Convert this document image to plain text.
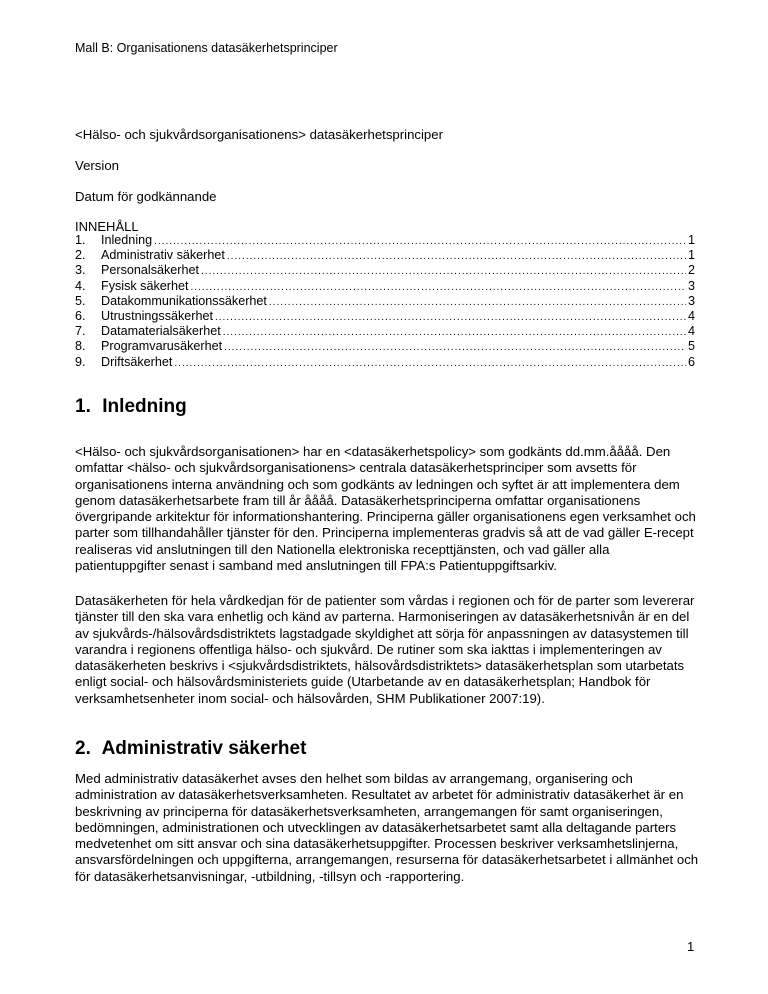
Mall B: Organisationens datasäkerhetsprinciper
<Hälso- och sjukvårdsorganisationens> datasäkerhetsprinciper
Version
Datum för godkännande
INNEHÅLL
1.	Inledning .....	1
2.	Administrativ säkerhet .....	1
3.	Personalsäkerhet .....	2
4.	Fysisk säkerhet .....	3
5.	Datakommunikationssäkerhet .....	3
6.	Utrustningssäkerhet .....	4
7.	Datamaterialsäkerhet .....	4
8.	Programvarusäkerhet .....	5
9.	Driftsäkerhet .....	6
1. Inledning

<Hälso- och sjukvårdsorganisationen> har en <datasäkerhetspolicy> som godkänts dd.mm.åååå. Den omfattar <hälso- och sjukvårdsorganisationens> centrala datasäkerhetsprinciper som avsetts för organisationens interna användning och som godkänts av ledningen och syftet är att implementera dem genom datasäkerhetsarbete fram till år åååå. Datasäkerhetsprinciperna omfattar organisationens övergripande arkitektur för informationshantering. Principerna gäller organisationens egen verksamhet och parter som tillhandahåller tjänster för den. Principerna implementeras gradvis så att de vad gäller E-recept realiseras vid anslutningen till den Nationella elektroniska recepttjänsten, och vad gäller alla patientuppgifter senast i samband med anslutningen till FPA:s Patientuppgiftsarkiv.

Datasäkerheten för hela vårdkedjan för de patienter som vårdas i regionen och för de parter som levererar tjänster till den ska vara enhetlig och känd av parterna. Harmoniseringen av datasäkerhetsnivån är en del av sjukvårds-/hälsovårdsdistriktets lagstadgade skyldighet att sörja för anpassningen av datasystemen till varandra i regionens offentliga hälso- och sjukvård. De rutiner som ska iakttas i implementeringen av datasäkerheten beskrivs i <sjukvårdsdistriktets, hälsovårdsdistriktets> datasäkerhetsplan som utarbetats enligt social- och hälsovårdsministeriets guide (Utarbetande av en datasäkerhetsplan; Handbok för verksamhetsenheter inom social- och hälsovården, SHM Publikationer 2007:19).

2. Administrativ säkerhet

Med administrativ datasäkerhet avses den helhet som bildas av arrangemang, organisering och administration av datasäkerhetsverksamheten. Resultatet av arbetet för administrativ datasäkerhet är en beskrivning av principerna för datasäkerhetsverksamheten, arrangemangen för samt organiseringen, bedömningen, administrationen och utvecklingen av datasäkerhetsarbetet samt alla deltagande parters medvetenhet om sitt ansvar och sina datasäkerhetsuppgifter. Processen beskriver verksamhetslinjerna, ansvarsfördelningen och uppgifterna, arrangemangen, resurserna för datasäkerhetsarbetet i allmänhet och för datasäkerhetsanvisningar, -utbildning, -tillsyn och -rapportering.

1
